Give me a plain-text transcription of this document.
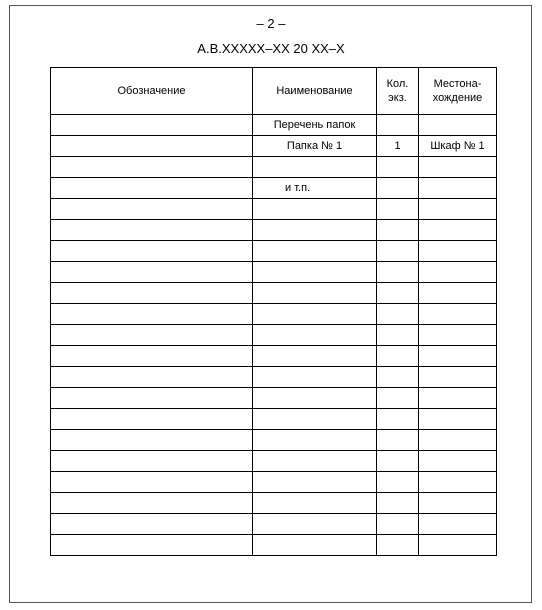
– 2 –
А.В.ХХХХХ–ХХ 20 ХХ–Х
Обозначение	Наименование	Кол. экз.	Местона-хождение
	Перечень папок		
	Папка № 1	1	Шкаф № 1

	и т.п.		
